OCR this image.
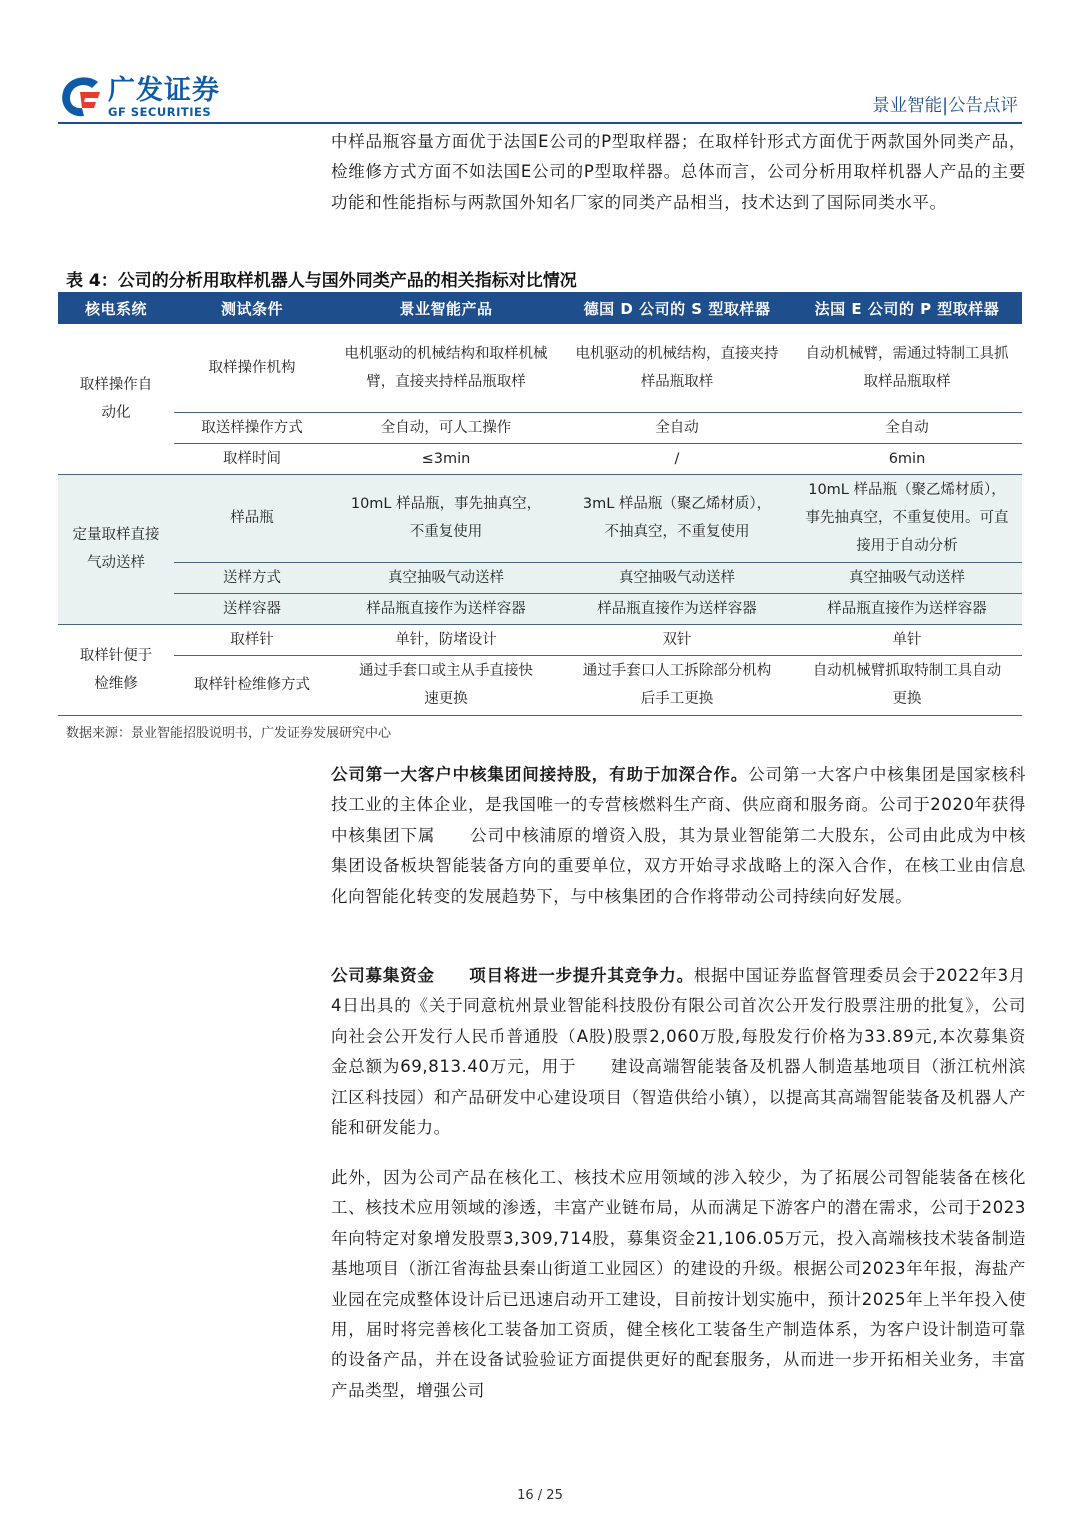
广发证券
GF SECURITIES	景业智能|公告点评
中样品瓶容量方面优于法国E公司的P型取样器；在取样针形式方面优于两款国外同类产品，检维修方式方面不如法国E公司的P型取样器。总体而言，公司分析用取样机器人产品的主要功能和性能指标与两款国外知名厂家的同类产品相当，技术达到了国际同类水平。
表 4：公司的分析用取样机器人与国外同类产品的相关指标对比情况
核电系统	测试条件	景业智能产品	德国 D 公司的 S 型取样器	法国 E 公司的 P 型取样器
取样操作自动化	取样操作机构	电机驱动的机械结构和取样机械臂，直接夹持样品瓶取样	电机驱动的机械结构，直接夹持样品瓶取样	自动机械臂，需通过特制工具抓取样品瓶取样
	取送样操作方式	全自动，可人工操作	全自动	全自动
	取样时间	≤3min	/	6min
定量取样直接气动送样	样品瓶	10mL 样品瓶，事先抽真空，不重复使用	3mL 样品瓶（聚乙烯材质），不抽真空，不重复使用	10mL 样品瓶（聚乙烯材质），事先抽真空，不重复使用。可直接用于自动分析
	送样方式	真空抽吸气动送样	真空抽吸气动送样	真空抽吸气动送样
	送样容器	样品瓶直接作为送样容器	样品瓶直接作为送样容器	样品瓶直接作为送样容器
取样针便于检维修	取样针	单针，防堵设计	双针	单针
	取样针检维修方式	通过手套口或主从手直接快速更换	通过手套口人工拆除部分机构后手工更换	自动机械臂抓取特制工具自动更换
数据来源：景业智能招股说明书，广发证券发展研究中心
公司第一大客户中核集团间接持股，有助于加深合作。公司第一大客户中核集团是国家核科技工业的主体企业，是我国唯一的专营核燃料生产商、供应商和服务商。公司于2020年获得中核集团下属　　公司中核浦原的增资入股，其为景业智能第二大股东，公司由此成为中核集团设备板块智能装备方向的重要单位，双方开始寻求战略上的深入合作，在核工业由信息化向智能化转变的发展趋势下，与中核集团的合作将带动公司持续向好发展。
公司募集资金　　项目将进一步提升其竞争力。根据中国证券监督管理委员会于2022年3月4日出具的《关于同意杭州景业智能科技股份有限公司首次公开发行股票注册的批复》，公司向社会公开发行人民币普通股（A股)股票2,060万股,每股发行价格为33.89元,本次募集资金总额为69,813.40万元，用于　　建设高端智能装备及机器人制造基地项目（浙江杭州滨江区科技园）和产品研发中心建设项目（智造供给小镇），以提高其高端智能装备及机器人产能和研发能力。
此外，因为公司产品在核化工、核技术应用领域的涉入较少，为了拓展公司智能装备在核化工、核技术应用领域的渗透，丰富产业链布局，从而满足下游客户的潜在需求，公司于2023年向特定对象增发股票3,309,714股，募集资金21,106.05万元，投入高端核技术装备制造基地项目（浙江省海盐县秦山街道工业园区）的建设的升级。根据公司2023年年报，海盐产业园在完成整体设计后已迅速启动开工建设，目前按计划实施中，预计2025年上半年投入使用，届时将完善核化工装备加工资质，健全核化工装备生产制造体系，为客户设计制造可靠的设备产品，并在设备试验验证方面提供更好的配套服务，从而进一步开拓相关业务，丰富产品类型，增强公司
16 / 25
